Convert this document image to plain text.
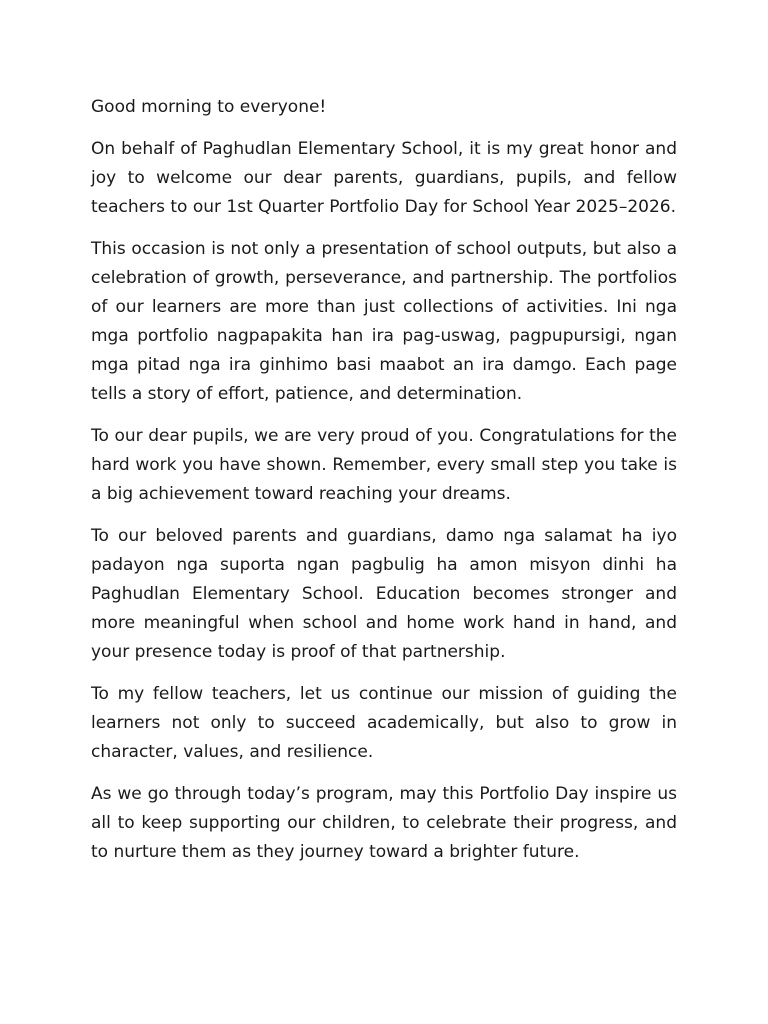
Good morning to everyone!

On behalf of Paghudlan Elementary School, it is my great honor and joy to welcome our dear parents, guardians, pupils, and fellow teachers to our 1st Quarter Portfolio Day for School Year 2025–2026.

This occasion is not only a presentation of school outputs, but also a celebration of growth, perseverance, and partnership. The portfolios of our learners are more than just collections of activities. Ini nga mga portfolio nagpapakita han ira pag-uswag, pagpupursigi, ngan mga pitad nga ira ginhimo basi maabot an ira damgo. Each page tells a story of effort, patience, and determination.

To our dear pupils, we are very proud of you. Congratulations for the hard work you have shown. Remember, every small step you take is a big achievement toward reaching your dreams.

To our beloved parents and guardians, damo nga salamat ha iyo padayon nga suporta ngan pagbulig ha amon misyon dinhi ha Paghudlan Elementary School. Education becomes stronger and more meaningful when school and home work hand in hand, and your presence today is proof of that partnership.

To my fellow teachers, let us continue our mission of guiding the learners not only to succeed academically, but also to grow in character, values, and resilience.

As we go through today’s program, may this Portfolio Day inspire us all to keep supporting our children, to celebrate their progress, and to nurture them as they journey toward a brighter future.
